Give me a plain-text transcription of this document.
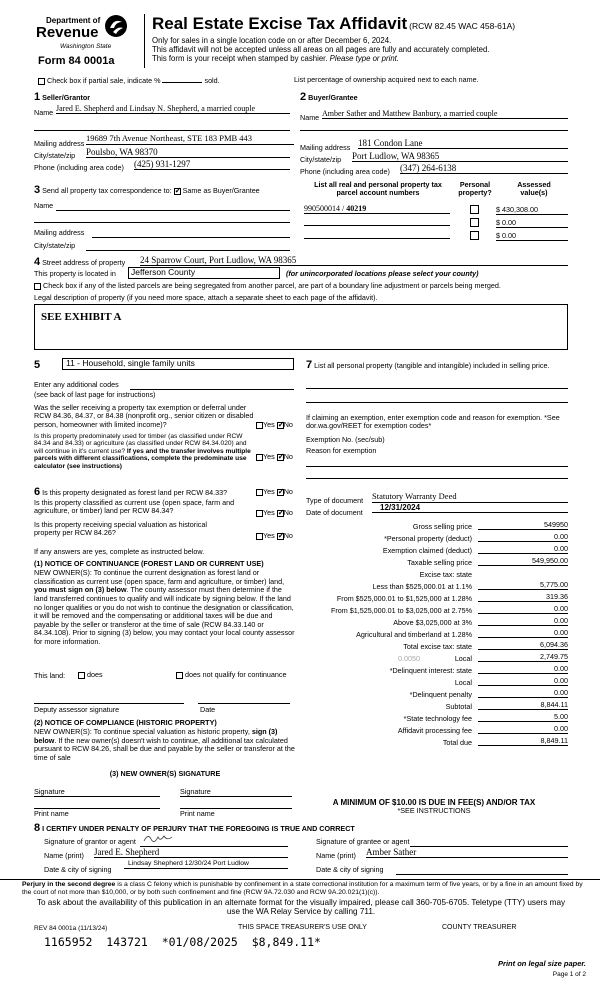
Department of
Revenue
Washington State
Form 84 0001a
Real Estate Excise Tax Affidavit (RCW 82.45 WAC 458-61A)
Only for sales in a single location code on or after December 6, 2024.
This affidavit will not be accepted unless all areas on all pages are fully and accurately completed.
This form is your receipt when stamped by cashier. Please type or print.
Check box if partial sale, indicate %	sold.	List percentage of ownership acquired next to each name.
1 Seller/Grantor
Name Jared E. Shepherd and Lindsay N. Shepherd, a married couple
Mailing address
19689 7th Avenue Northeast, STE 183 PMB 443
City/state/zip Poulsbo, WA 98370
Phone (including area code) (425) 931-1297
2 Buyer/Grantee
Name Amber Sather and Matthew Banbury, a married couple
Mailing address 181 Condon Lane
City/state/zip Port Ludlow, WA 98365
Phone (including area code) (347) 264-6138
3 Send all property tax correspondence to: ✓ Same as Buyer/Grantee
Name
Mailing address
City/state/zip
List all real and personal property tax
parcel account numbers
Personal
property?
Assessed
value(s)
990500014 / 40219	$ 430,308.00
$ 0.00
$ 0.00
4 Street address of property 24 Sparrow Court, Port Ludlow, WA 98365
This property is located in	Jefferson County	(for unincorporated locations please select your county)
Check box if any of the listed parcels are being segregated from another parcel, are part of a boundary line adjustment or parcels being merged.
Legal description of property (if you need more space, attach a separate sheet to each page of the affidavit).
SEE EXHIBIT A
5	11 - Household, single family units
Enter any additional codes
(see back of last page for instructions)
Was the seller receiving a property tax exemption or deferral under RCW 84.36, 84.37, or 84.38 (nonprofit org., senior citizen or disabled person, homeowner with limited income)?	Yes ✓ No
Is this property predominately used for timber (as classified under RCW 84.34 and 84.33) or agriculture (as classified under RCW 84.34.020) and will continue in it's current use? If yes and the transfer involves multiple parcels with different classifications, complete the predominate use calculator (see instructions)
Yes ✓ No
6 Is this property designated as forest land per RCW 84.33?	Yes ✓ No
Is this property classified as current use (open space, farm and agriculture, or timber) land per RCW 84.34?	Yes ✓ No
Is this property receiving special valuation as historical property per RCW 84.26?	Yes ✓ No
If any answers are yes, complete as instructed below.
(1) NOTICE OF CONTINUANCE (FOREST LAND OR CURRENT USE)
NEW OWNER(S): To continue the current designation as forest land or classification as current use (open space, farm and agriculture, or timber) land, you must sign on (3) below. The county assessor must then determine if the land transferred continues to qualify and will indicate by signing below. If the land no longer qualifies or you do not wish to continue the designation or classification, it will be removed and the compensating or additional taxes will be due and payable by the seller or transferor at the time of sale (RCW 84.33.140 or 84.34.108). Prior to signing (3) below, you may contact your local county assessor for more information.
This land:	does	does not qualify for continuance
Deputy assessor signature	Date
(2) NOTICE OF COMPLIANCE (HISTORIC PROPERTY)
NEW OWNER(S): To continue special valuation as historic property, sign (3) below. If the new owner(s) doesn't wish to continue, all additional tax calculated pursuant to RCW 84.26, shall be due and payable by the seller or transferor at the time of sale
(3) NEW OWNER(S) SIGNATURE
Signature	Signature
Print name	Print name
7 List all personal property (tangible and intangible) included in selling price.
If claiming an exemption, enter exemption code and reason for exemption. *See dor.wa.gov/REET for exemption codes*
Exemption No. (sec/sub)
Reason for exemption
Type of document Statutory Warranty Deed
Date of document
12/31/2024
Gross selling price	549950
*Personal property (deduct)	0.00
Exemption claimed (deduct)	0.00
Taxable selling price	549,950.00
Excise tax: state
Less than $525,000.01 at 1.1%	5,775.00
From $525,000.01 to $1,525,000 at 1.28%	319.36
From $1,525,000.01 to $3,025,000 at 2.75%	0.00
Above $3,025,000 at 3%	0.00
Agricultural and timberland at 1.28%	0.00
Total excise tax: state	6,094.36
0.0050	Local	2,749.75
*Delinquent interest: state	0.00
Local	0.00
*Delinquent penalty	0.00
Subtotal	8,844.11
*State technology fee	5.00
Affidavit processing fee	0.00
Total due	8,849.11
A MINIMUM OF $10.00 IS DUE IN FEE(S) AND/OR TAX
*SEE INSTRUCTIONS
8 I CERTIFY UNDER PENALTY OF PERJURY THAT THE FOREGOING IS TRUE AND CORRECT
Signature of grantor or agent
Name (print) Jared E. Shepherd
Date & city of signing
Lindsay Shepherd 12/30/24 Port Ludlow
Signature of grantee or agent
Name (print) Amber Sather
Date & city of signing
Perjury in the second degree is a class C felony which is punishable by confinement in a state correctional institution for a maximum term of five years, or by a fine in an amount fixed by the court of not more than $10,000, or by both such confinement and fine (RCW 9A.72.030 and RCW 9A.20.021(1)(c)).
To ask about the availability of this publication in an alternate format for the visually impaired, please call 360-705-6705. Teletype (TTY) users may use the WA Relay Service by calling 711.
REV 84 0001a (11/13/24)	THIS SPACE TREASURER'S USE ONLY	COUNTY TREASURER
1165952  143721  *01/08/2025  $8,849.11*
Print on legal size paper.
Page 1 of 2
